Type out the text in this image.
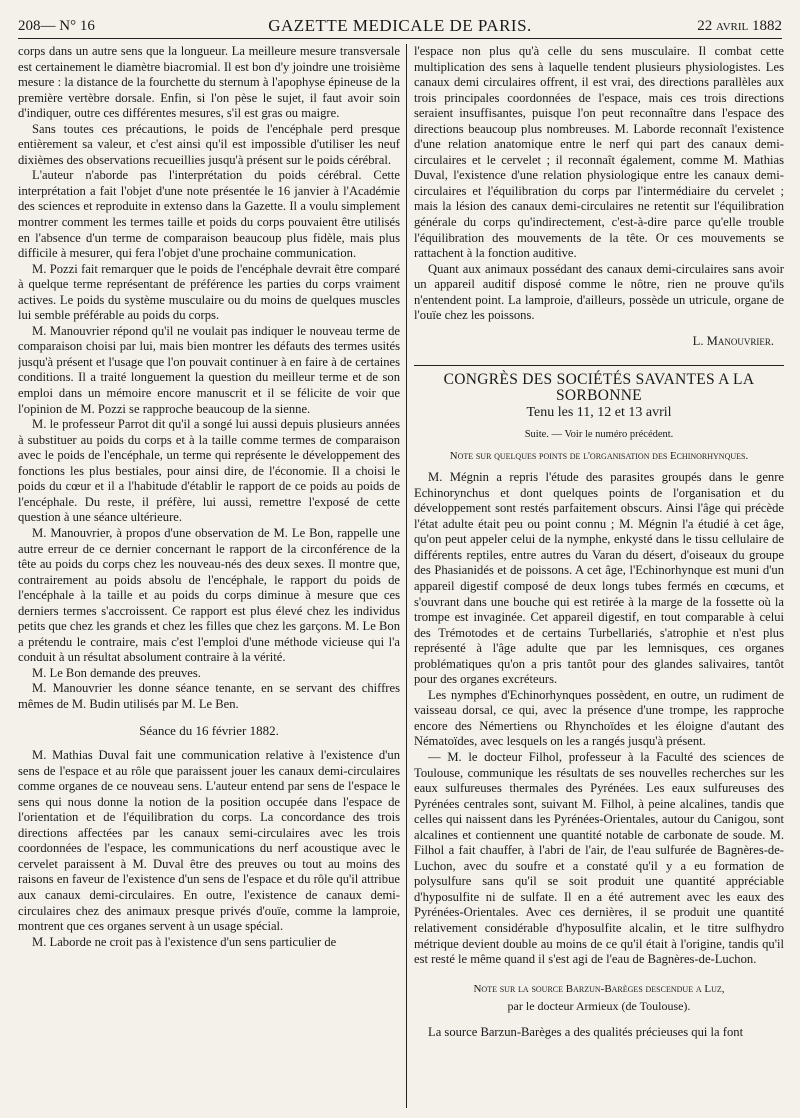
208— N° 16	GAZETTE MEDICALE DE PARIS.	22 AVRIL 1882

corps dans un autre sens que la longueur. La meilleure mesure transversale est certainement le diamètre biacromial. Il est bon d'y joindre une troisième mesure : la distance de la fourchette du sternum à l'apophyse épineuse de la première vertèbre dorsale. Enfin, si l'on pèse le sujet, il faut avoir soin d'indiquer, outre ces différentes mesures, s'il est gras ou maigre.

Sans toutes ces précautions, le poids de l'encéphale perd presque entièrement sa valeur, et c'est ainsi qu'il est impossible d'utiliser les neuf dixièmes des observations recueillies jusqu'à présent sur le poids cérébral.

L'auteur n'aborde pas l'interprétation du poids cérébral. Cette interprétation a fait l'objet d'une note présentée le 16 janvier à l'Académie des sciences et reproduite in extenso dans la Gazette. Il a voulu simplement montrer comment les termes taille et poids du corps pouvaient être utilisés en l'absence d'un terme de comparaison beaucoup plus fidèle, mais plus difficile à mesurer, qui fera l'objet d'une prochaine communication.

M. Pozzi fait remarquer que le poids de l'encéphale devrait être comparé à quelque terme représentant de préférence les parties du corps vraiment actives. Le poids du système musculaire ou du moins de quelques muscles lui semble préférable au poids du corps.

M. Manouvrier répond qu'il ne voulait pas indiquer le nouveau terme de comparaison choisi par lui, mais bien montrer les défauts des termes usités jusqu'à présent et l'usage que l'on pouvait continuer à en faire à de certaines conditions. Il a traité longuement la question du meilleur terme et de son emploi dans un mémoire encore manuscrit et il se félicite de voir que l'opinion de M. Pozzi se rapproche beaucoup de la sienne.

M. le professeur Parrot dit qu'il a songé lui aussi depuis plusieurs années à substituer au poids du corps et à la taille comme termes de comparaison avec le poids de l'encéphale, un terme qui représente le développement des fonctions les plus bestiales, pour ainsi dire, de l'économie. Il a choisi le poids du cœur et il a l'habitude d'établir le rapport de ce poids au poids de l'encéphale. Du reste, il préfère, lui aussi, remettre l'exposé de cette question à une séance ultérieure.

M. Manouvrier, à propos d'une observation de M. Le Bon, rappelle une autre erreur de ce dernier concernant le rapport de la circonférence de la tête au poids du corps chez les nouveau-nés des deux sexes. Il montre que, contrairement au poids absolu de l'encéphale, le rapport du poids de l'encéphale à la taille et au poids du corps diminue à mesure que ces derniers termes s'accroissent. Ce rapport est plus élevé chez les individus petits que chez les grands et chez les filles que chez les garçons. M. Le Bon a prétendu le contraire, mais c'est l'emploi d'une méthode vicieuse qui l'a conduit à un résultat absolument contraire à la vérité.

M. Le Bon demande des preuves.

M. Manouvrier les donne séance tenante, en se servant des chiffres mêmes de M. Budin utilisés par M. Le Ben.

Séance du 16 février 1882.

M. Mathias Duval fait une communication relative à l'existence d'un sens de l'espace et au rôle que paraissent jouer les canaux demi-circulaires comme organes de ce nouveau sens. L'auteur entend par sens de l'espace le sens qui nous donne la notion de la position occupée dans l'espace de l'orientation et de l'équilibration du corps. La concordance des trois directions affectées par les canaux semi-circulaires avec les trois coordonnées de l'espace, les communications du nerf acoustique avec le cervelet paraissent à M. Duval être des preuves ou tout au moins des raisons en faveur de l'existence d'un sens de l'espace et du rôle qu'il attribue aux canaux demi-circulaires. En outre, l'existence de canaux demi-circulaires chez des animaux presque privés d'ouïe, comme la lamproie, montrent que ces organes servent à un usage spécial.

M. Laborde ne croit pas à l'existence d'un sens particulier de

l'espace non plus qu'à celle du sens musculaire. Il combat cette multiplication des sens à laquelle tendent plusieurs physiologistes. Les canaux demi circulaires offrent, il est vrai, des directions parallèles aux trois principales coordonnées de l'espace, mais ces trois directions seraient insuffisantes, puisque l'on peut reconnaître dans l'espace des directions beaucoup plus nombreuses. M. Laborde reconnaît l'existence d'une relation anatomique entre le nerf qui part des canaux demi-circulaires et le cervelet ; il reconnaît également, comme M. Mathias Duval, l'existence d'une relation physiologique entre les canaux demi-circulaires et l'équilibration du corps par l'intermédiaire du cervelet ; mais la lésion des canaux demi-circulaires ne retentit sur l'équilibration générale du corps qu'indirectement, c'est-à-dire parce qu'elle trouble l'équilibration des mouvements de la tête. Or ces mouvements se rattachent à la fonction auditive.

Quant aux animaux possédant des canaux demi-circulaires sans avoir un appareil auditif disposé comme le nôtre, rien ne prouve qu'ils n'entendent point. La lamproie, d'ailleurs, possède un utricule, organe de l'ouïe chez les poissons.

L. Manouvrier.
CONGRÈS DES SOCIÉTÉS SAVANTES A LA SORBONNE
Tenu les 11, 12 et 13 avril
Suite. — Voir le numéro précédent.
Note sur quelques points de l'organisation des Echinorhynques.

M. Mégnin a repris l'étude des parasites groupés dans le genre Echinorynchus et dont quelques points de l'organisation et du développement sont restés parfaitement obscurs. Ainsi l'âge qui précède l'état adulte était peu ou point connu ; M. Mégnin l'a étudié à cet âge, qu'on peut appeler celui de la nymphe, enkysté dans le tissu cellulaire de différents reptiles, entre autres du Varan du désert, d'oiseaux du groupe des Phasianidés et de poissons. A cet âge, l'Echinorhynque est muni d'un appareil digestif composé de deux longs tubes fermés en cœcums, et s'ouvrant dans une bouche qui est retirée à la marge de la fossette où la trompe est invaginée. Cet appareil digestif, en tout comparable à celui des Trémotodes et de certains Turbellariés, s'atrophie et n'est plus représenté à l'âge adulte que par les lemnisques, ces organes problématiques qu'on a pris tantôt pour des glandes salivaires, tantôt pour des organes excréteurs.

Les nymphes d'Echinorhynques possèdent, en outre, un rudiment de vaisseau dorsal, ce qui, avec la présence d'une trompe, les rapproche encore des Némertiens ou Rhynchoïdes et les éloigne d'autant des Nématoïdes, avec lesquels on les a rangés jusqu'à présent.

— M. le docteur Filhol, professeur à la Faculté des sciences de Toulouse, communique les résultats de ses nouvelles recherches sur les eaux sulfureuses thermales des Pyrénées. Les eaux sulfureuses des Pyrénées centrales sont, suivant M. Filhol, à peine alcalines, tandis que celles qui naissent dans les Pyrénées-Orientales, autour du Canigou, sont alcalines et contiennent une quantité notable de carbonate de soude. M. Filhol a fait chauffer, à l'abri de l'air, de l'eau sulfurée de Bagnères-de-Luchon, avec du soufre et a constaté qu'il y a eu formation de polysulfure sans qu'il se soit produit une quantité appréciable d'hyposulfite ni de sulfate. Il en a été autrement avec les eaux des Pyrénées-Orientales. Avec ces dernières, il se produit une quantité relativement considérable d'hyposulfite alcalin, et le titre sulfhydro métrique devient double au moins de ce qu'il était à l'origine, tandis qu'il est resté le même quand il s'est agi de l'eau de Bagnères-de-Luchon.

Note sur la source Barzun-Barèges descendue a Luz,
par le docteur Armieux (de Toulouse).

La source Barzun-Barèges a des qualités précieuses qui la font
